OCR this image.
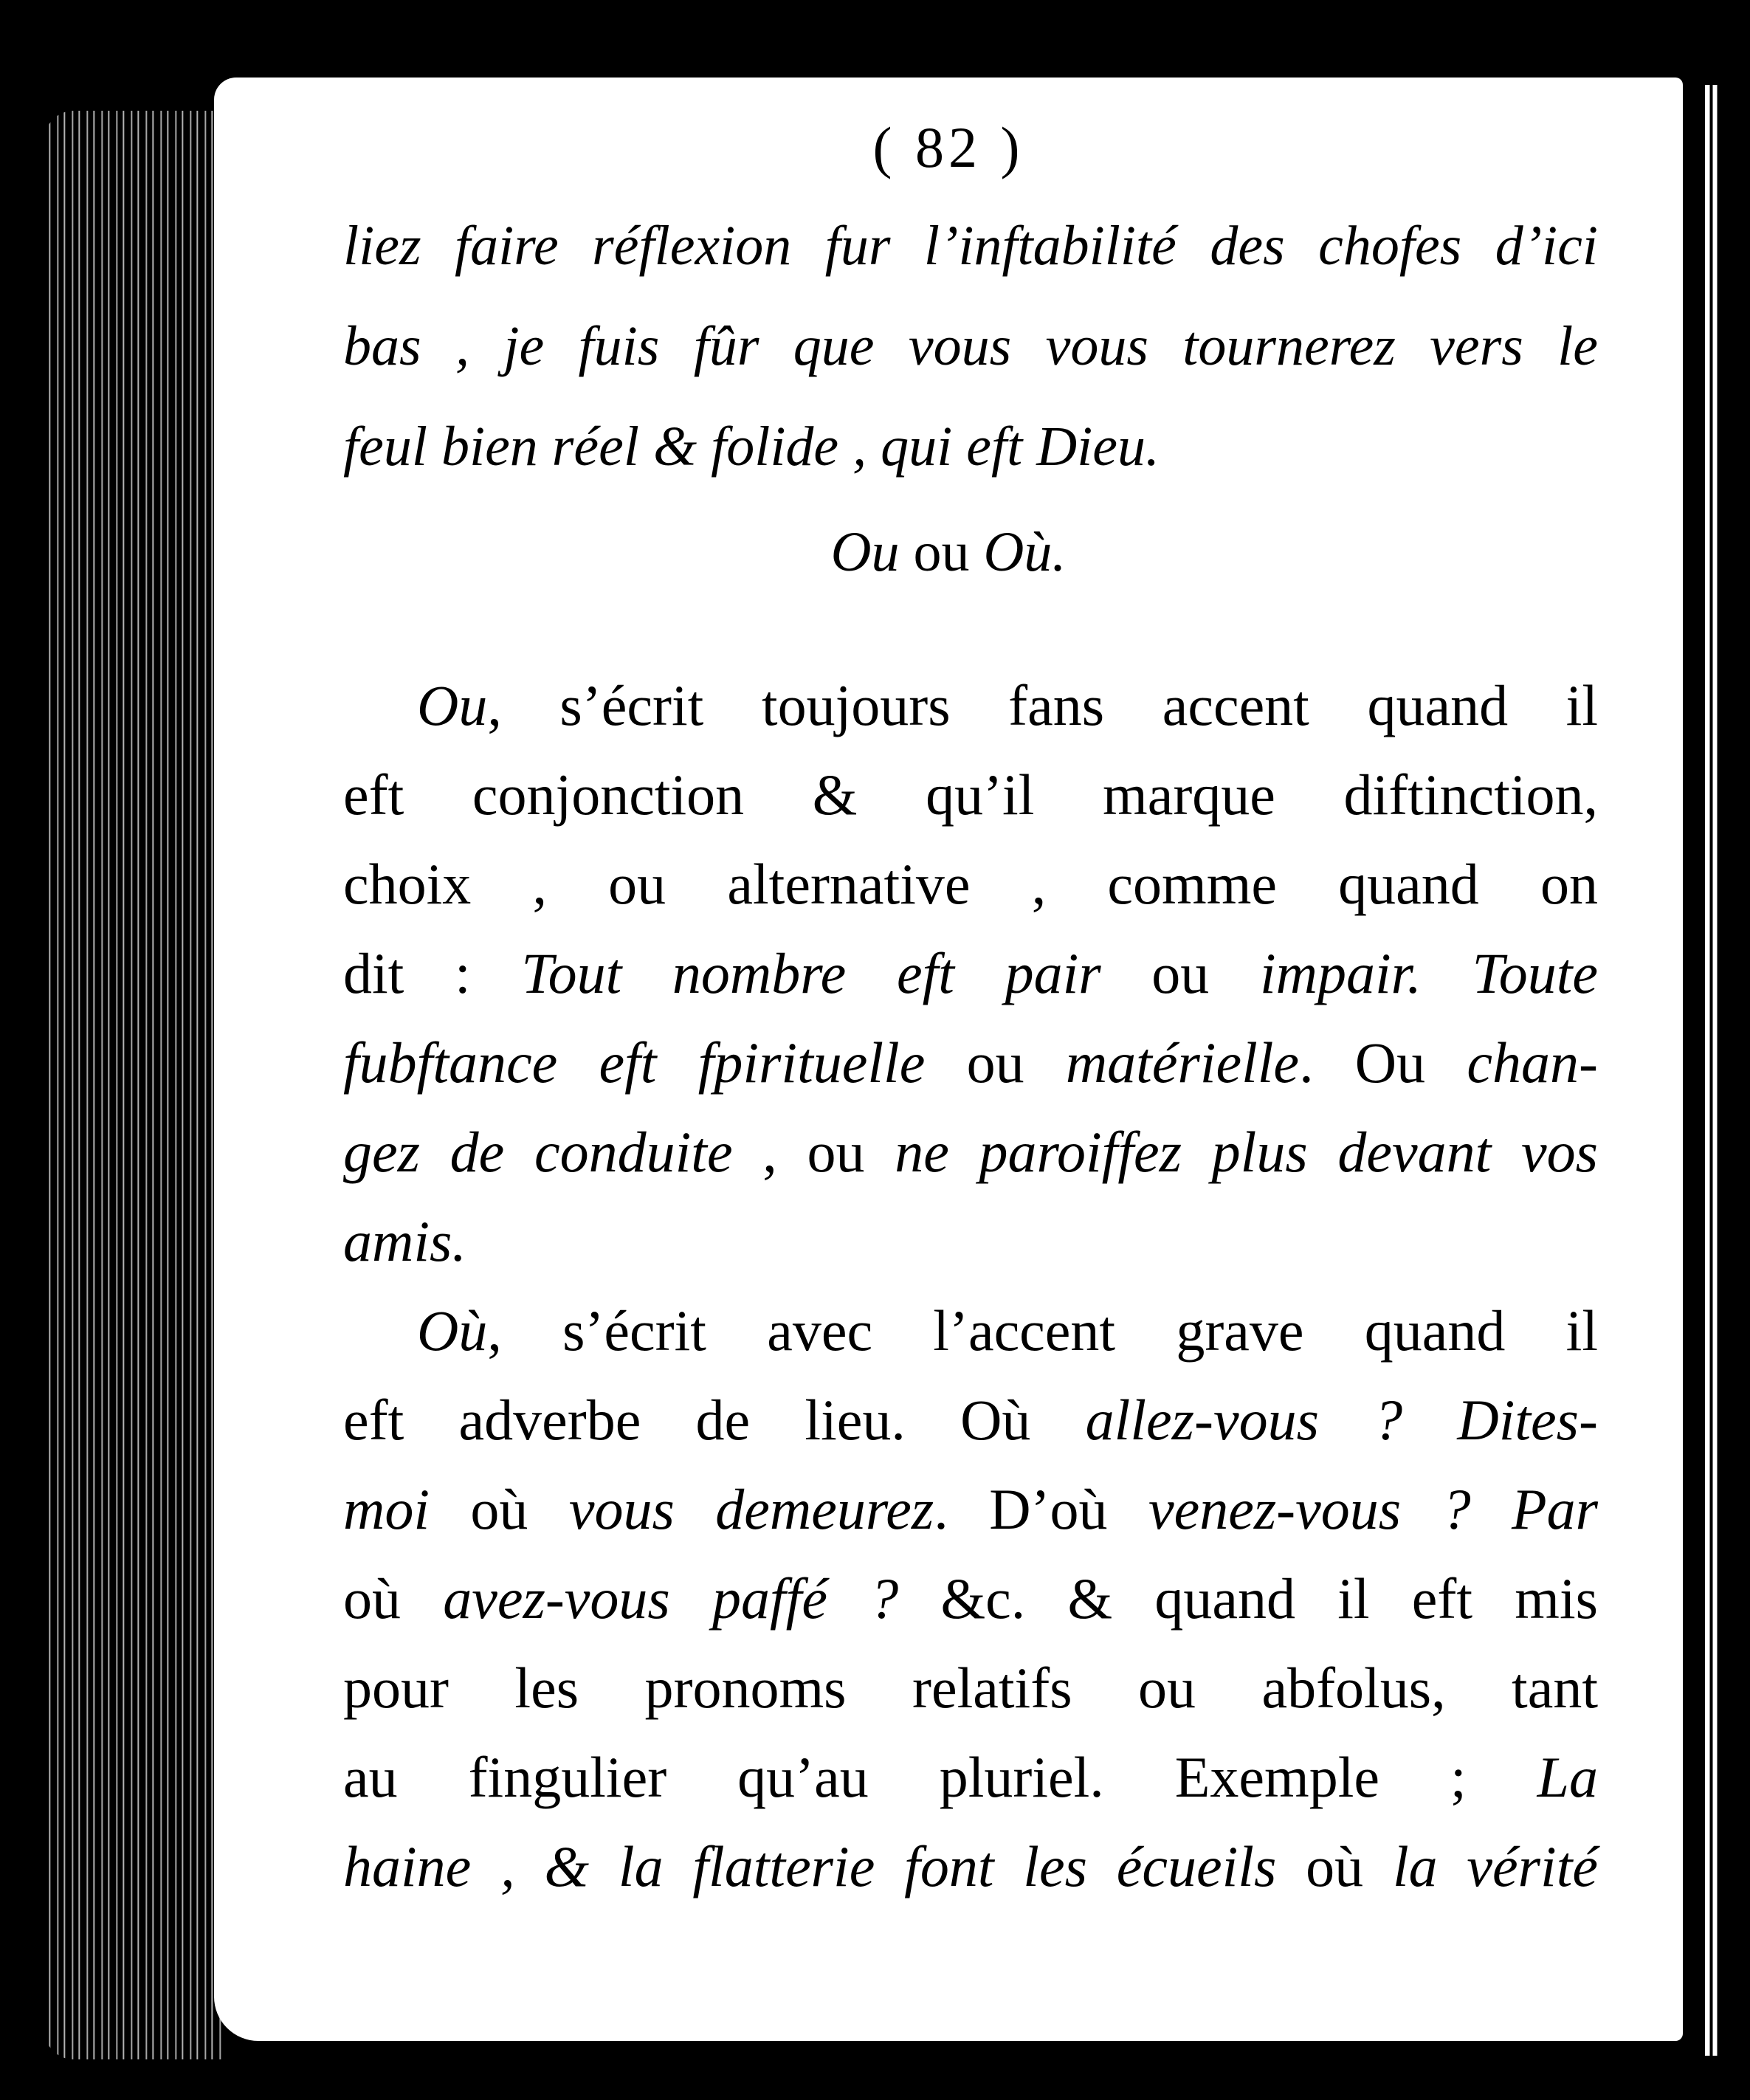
( 82 )
liez faire réflexion fur l’inftabilité des chofes d’ici
bas , je fuis fûr que vous vous tournerez vers le
feul bien réel & folide , qui eft Dieu.
Ou ou Où.
Ou, s’écrit toujours fans accent quand il
eft conjonction & qu’il marque diftinction,
choix , ou alternative , comme quand on
dit : Tout nombre eft pair ou impair. Toute
fubftance eft fpirituelle ou matérielle. Ou chan-
gez de conduite , ou ne paroiffez plus devant vos
amis.
Où, s’écrit avec l’accent grave quand il
eft adverbe de lieu. Où allez-vous ? Dites-
moi où vous demeurez. D’où venez-vous ? Par
où avez-vous paffé ? &c. & quand il eft mis
pour les pronoms relatifs ou abfolus, tant
au fingulier qu’au pluriel. Exemple ; La
haine , & la flatterie font les écueils où la vérité
